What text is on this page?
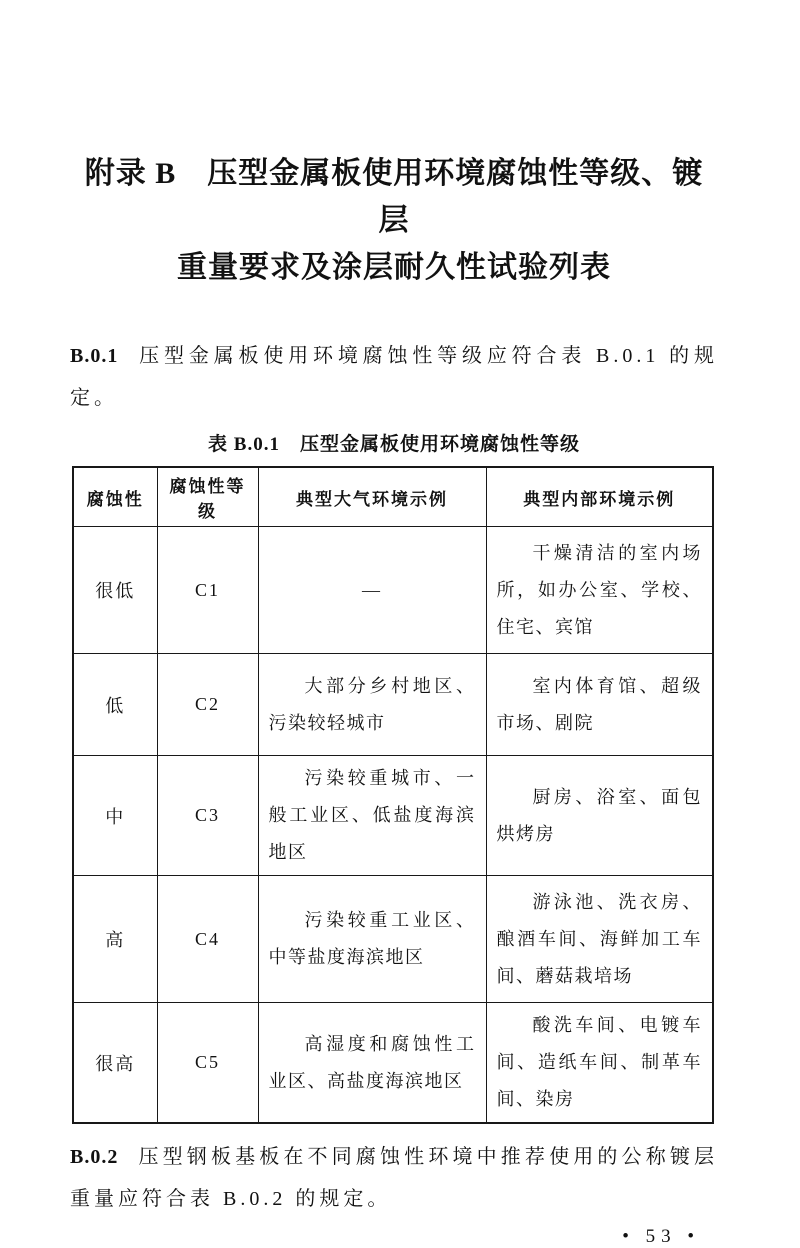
附录 B　压型金属板使用环境腐蚀性等级、镀层
重量要求及涂层耐久性试验列表

B.0.1 压型金属板使用环境腐蚀性等级应符合表 B.0.1 的规定。

表 B.0.1　压型金属板使用环境腐蚀性等级
腐蚀性	腐蚀性等级	典型大气环境示例	典型内部环境示例
很低	C1	—	干燥清洁的室内场所，如办公室、学校、住宅、宾馆
低	C2	大部分乡村地区、污染较轻城市	室内体育馆、超级市场、剧院
中	C3	污染较重城市、一般工业区、低盐度海滨地区	厨房、浴室、面包烘烤房
高	C4	污染较重工业区、中等盐度海滨地区	游泳池、洗衣房、酿酒车间、海鲜加工车间、蘑菇栽培场
很高	C5	高湿度和腐蚀性工业区、高盐度海滨地区	酸洗车间、电镀车间、造纸车间、制革车间、染房

B.0.2 压型钢板基板在不同腐蚀性环境中推荐使用的公称镀层重量应符合表 B.0.2 的规定。

• 53 •
